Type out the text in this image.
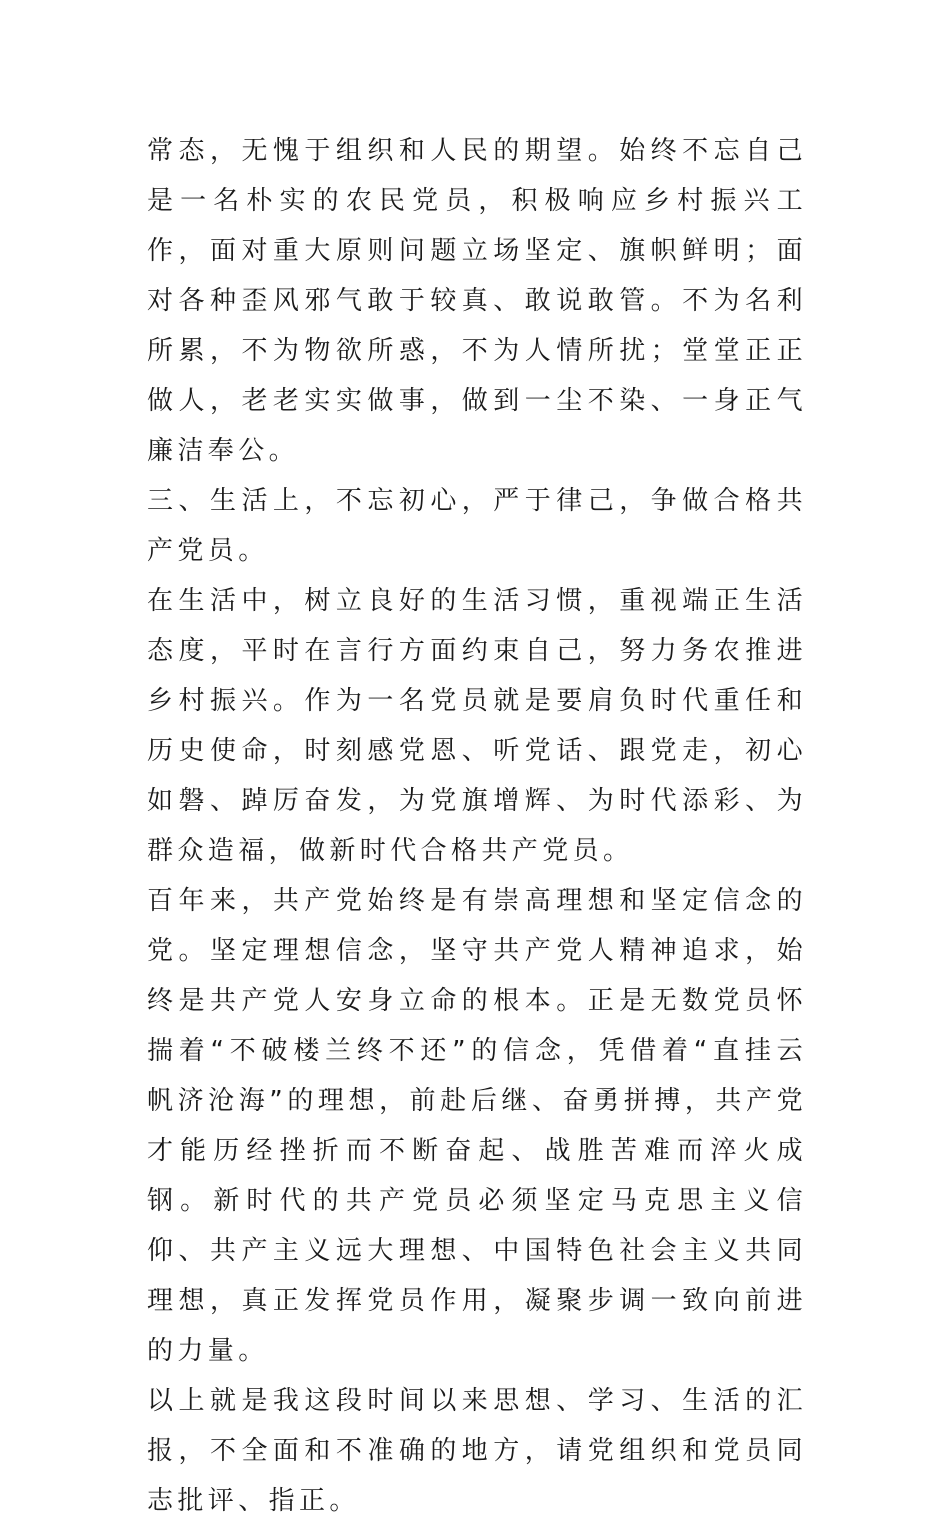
常态，无愧于组织和人民的期望。始终不忘自己是一名朴实的农民党员，积极响应乡村振兴工作，面对重大原则问题立场坚定、旗帜鲜明；面对各种歪风邪气敢于较真、敢说敢管。不为名利所累，不为物欲所惑，不为人情所扰；堂堂正正做人，老老实实做事，做到一尘不染、一身正气廉洁奉公。

三、生活上，不忘初心，严于律己，争做合格共产党员。

在生活中，树立良好的生活习惯，重视端正生活态度，平时在言行方面约束自己，努力务农推进乡村振兴。作为一名党员就是要肩负时代重任和历史使命，时刻感党恩、听党话、跟党走，初心如磐、踔厉奋发，为党旗增辉、为时代添彩、为群众造福，做新时代合格共产党员。

百年来，共产党始终是有崇高理想和坚定信念的党。坚定理想信念，坚守共产党人精神追求，始终是共产党人安身立命的根本。正是无数党员怀揣着“不破楼兰终不还”的信念，凭借着“直挂云帆济沧海”的理想，前赴后继、奋勇拼搏，共产党才能历经挫折而不断奋起、战胜苦难而淬火成钢。新时代的共产党员必须坚定马克思主义信仰、共产主义远大理想、中国特色社会主义共同理想，真正发挥党员作用，凝聚步调一致向前进的力量。

以上就是我这段时间以来思想、学习、生活的汇报，不全面和不准确的地方，请党组织和党员同志批评、指正。
